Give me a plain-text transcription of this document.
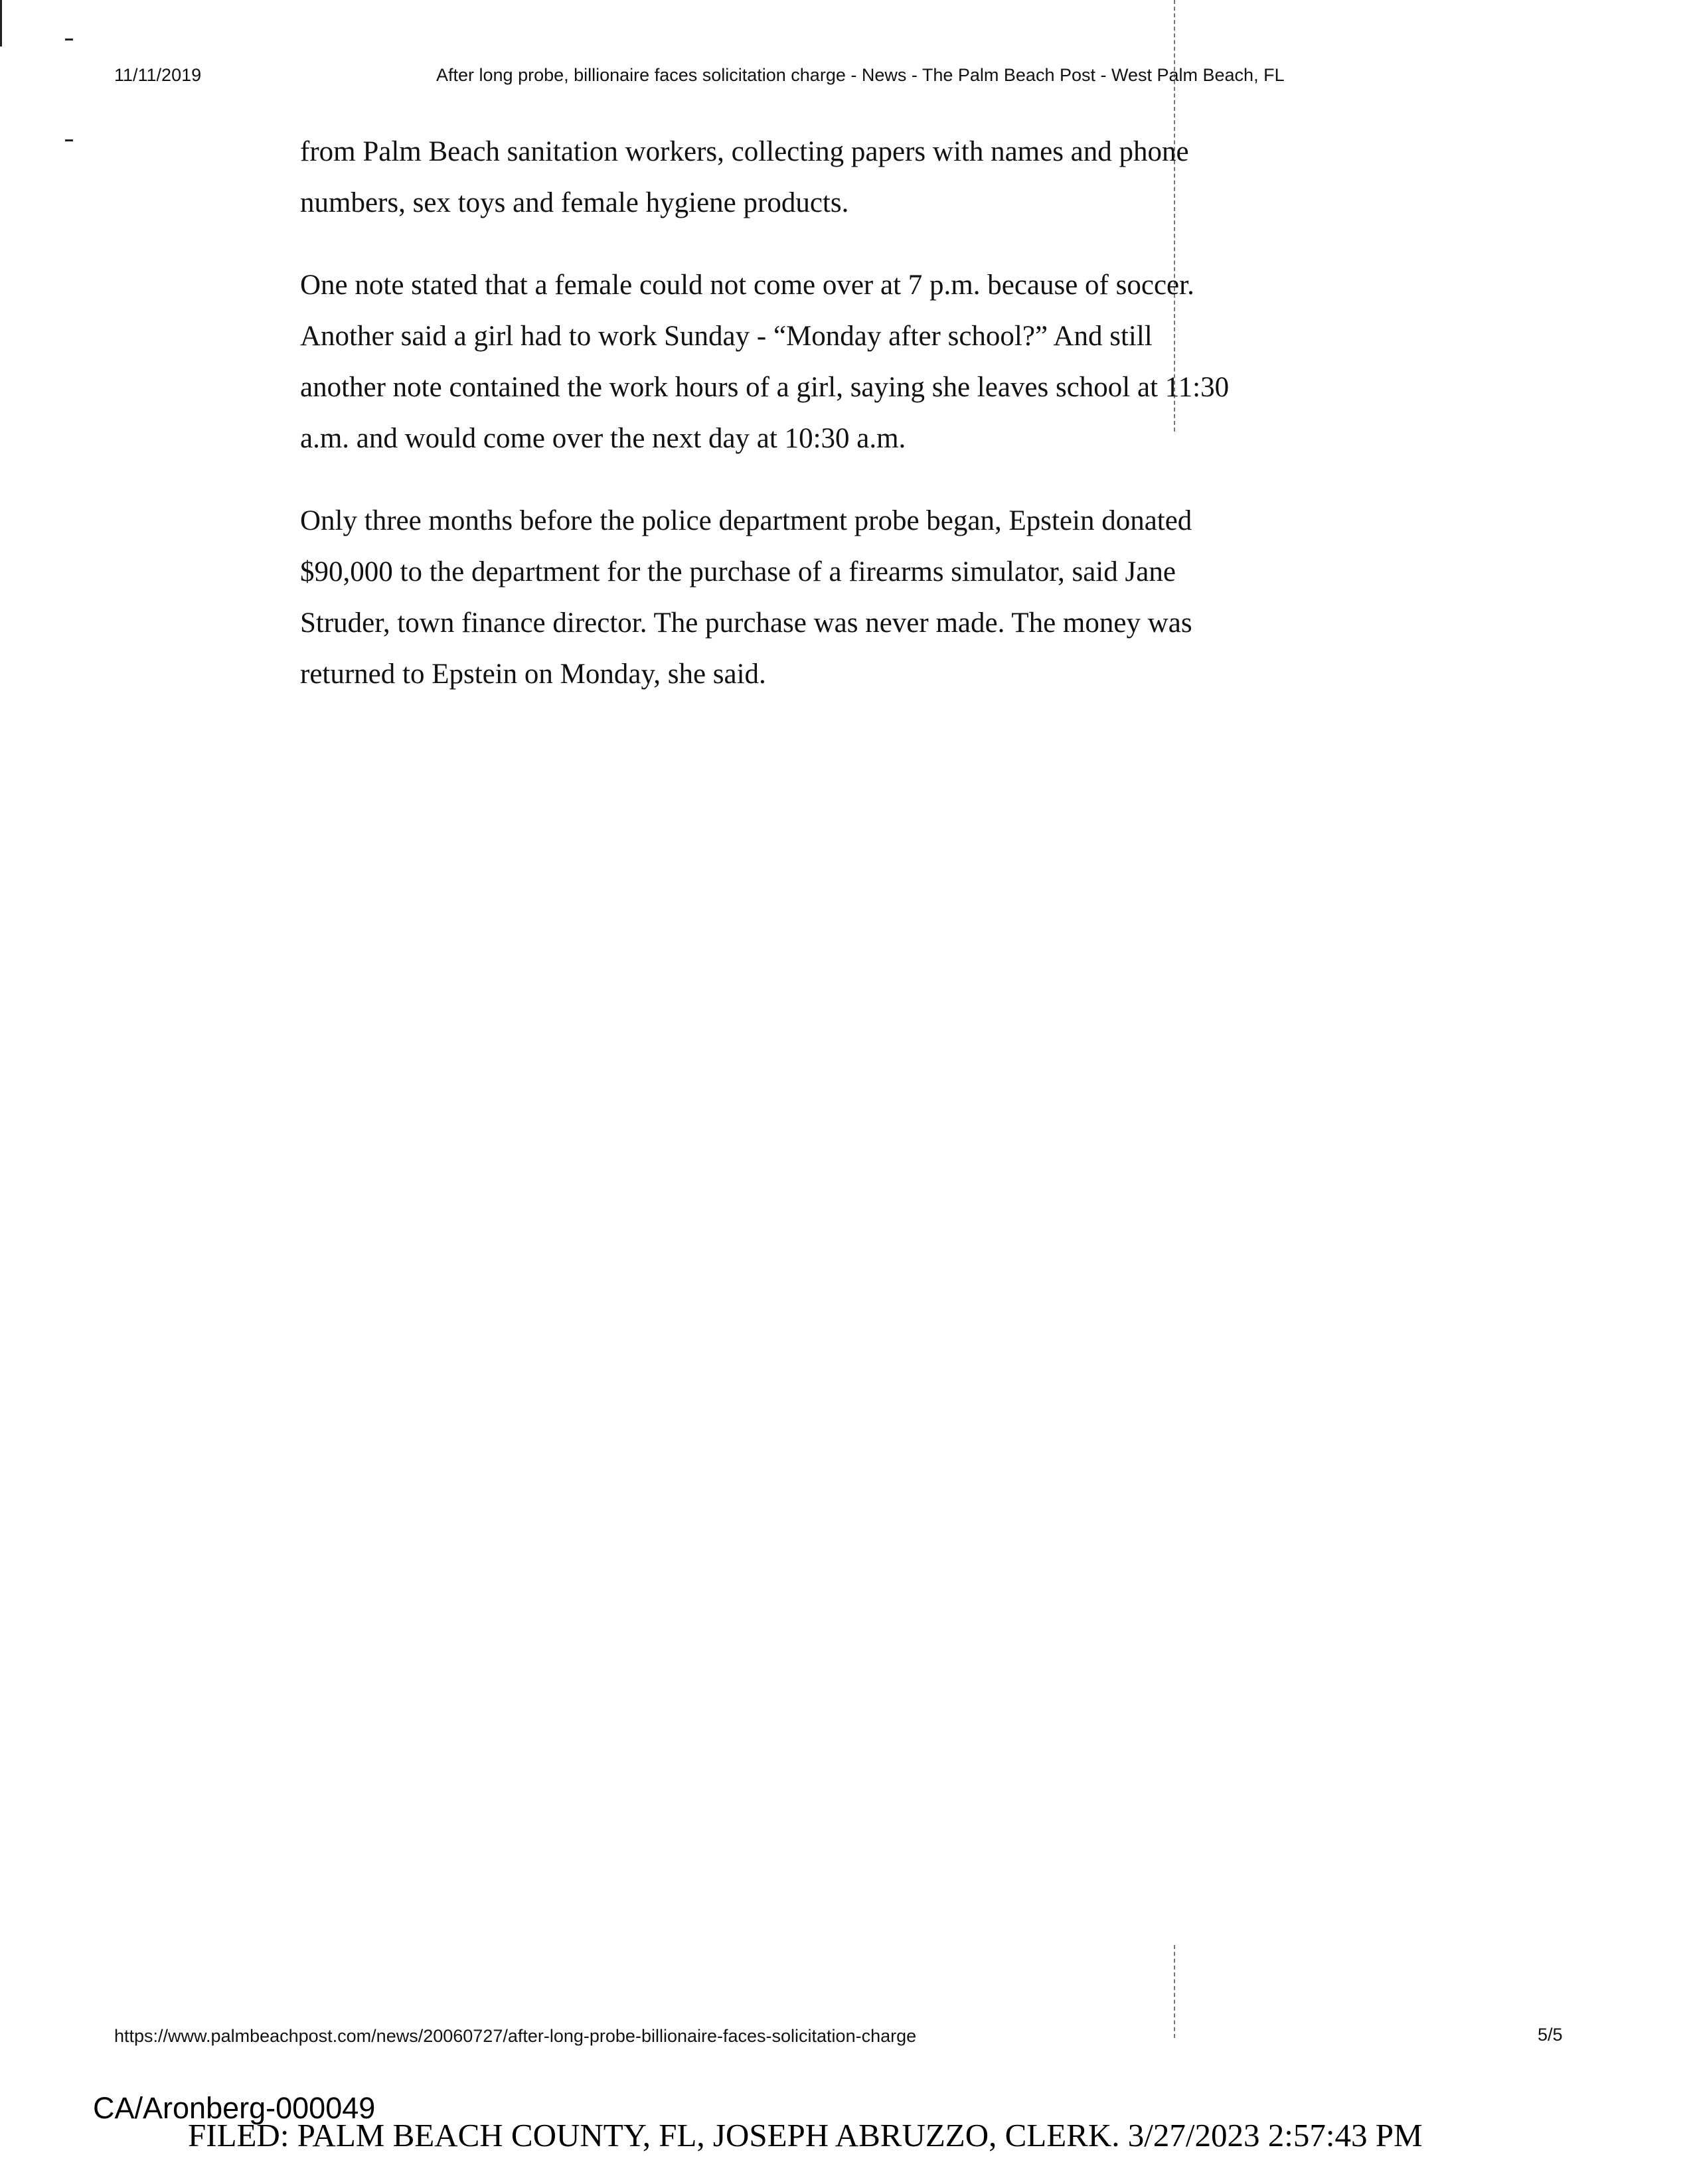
11/11/2019	After long probe, billionaire faces solicitation charge - News - The Palm Beach Post - West Palm Beach, FL

from Palm Beach sanitation workers, collecting papers with names and phone
numbers, sex toys and female hygiene products.

One note stated that a female could not come over at 7 p.m. because of soccer.
Another said a girl had to work Sunday - “Monday after school?” And still
another note contained the work hours of a girl, saying she leaves school at 11:30
a.m. and would come over the next day at 10:30 a.m.

Only three months before the police department probe began, Epstein donated
$90,000 to the department for the purchase of a firearms simulator, said Jane
Struder, town finance director. The purchase was never made. The money was
returned to Epstein on Monday, she said.

https://www.palmbeachpost.com/news/20060727/after-long-probe-billionaire-faces-solicitation-charge	5/5
CA/Aronberg-000049
FILED: PALM BEACH COUNTY, FL, JOSEPH ABRUZZO, CLERK. 3/27/2023 2:57:43 PM
